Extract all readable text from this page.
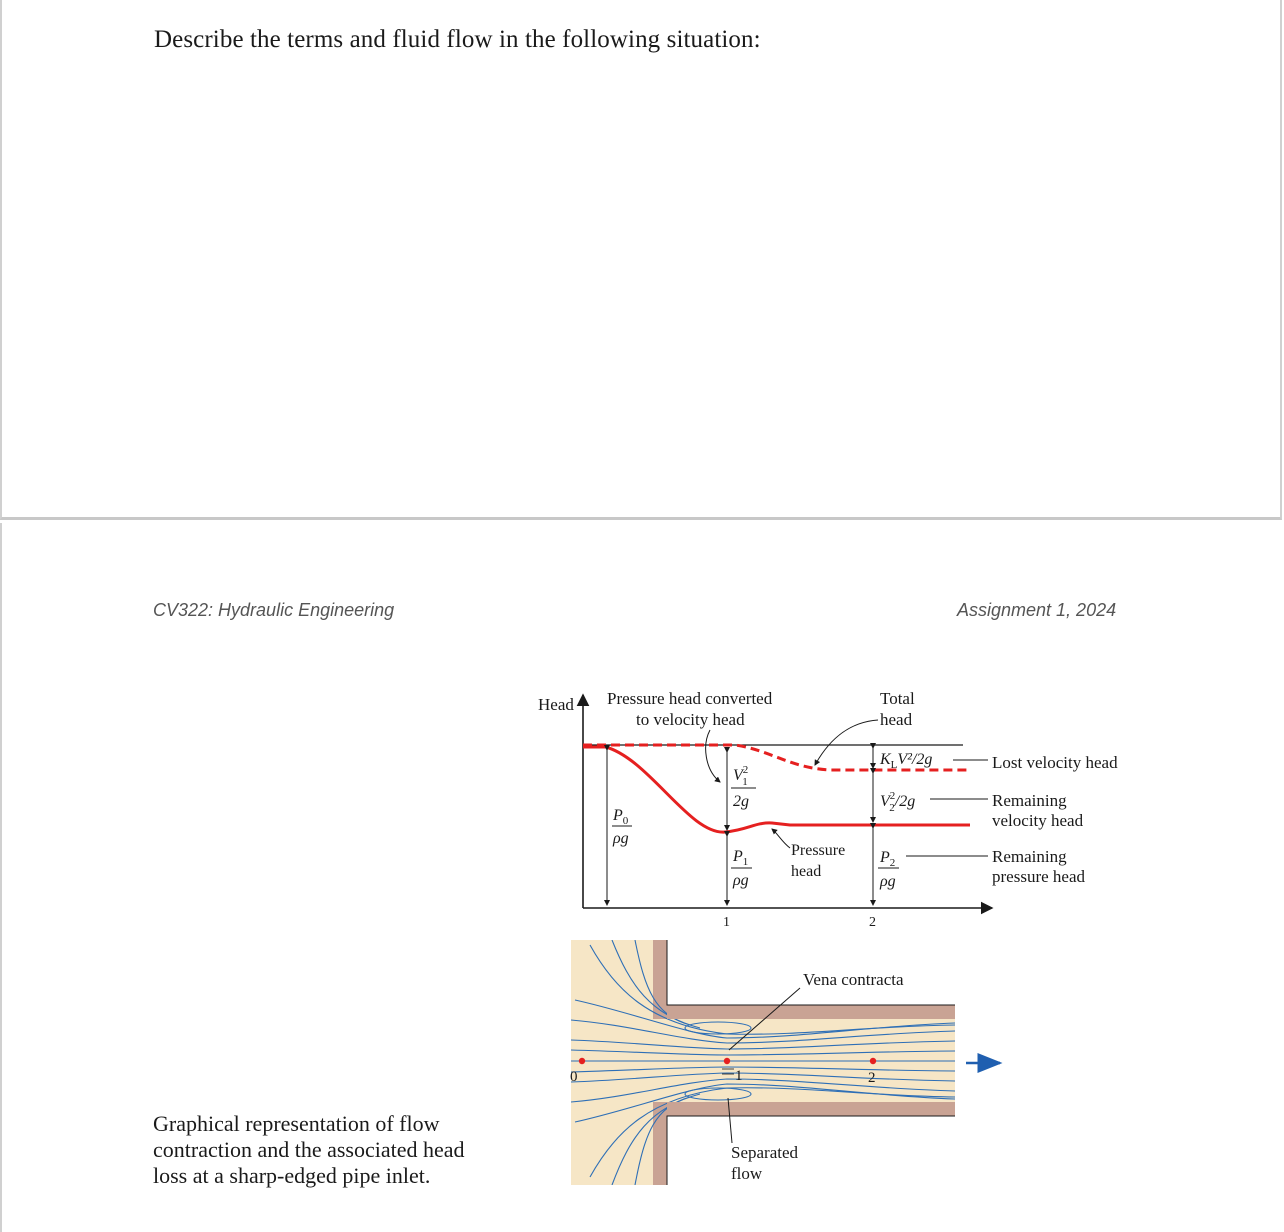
Describe the terms and fluid flow in the following situation:
CV322: Hydraulic Engineering	Assignment 1, 2024
Head
$P_0$
ρg
$V^2$ 1
2g
$P_1$
ρg
Pressure head converted
to velocity head
Pressure
head
Total
head
$K_LV^2/2g$
$V^2$ 2/2g
$P_2$
ρg
Lost velocity head
Remaining
velocity head
Remaining
pressure head
1	2
0	1	2
Vena contracta
Separated
flow
Graphical representation of flow
contraction and the associated head
loss at a sharp-edged pipe inlet.
